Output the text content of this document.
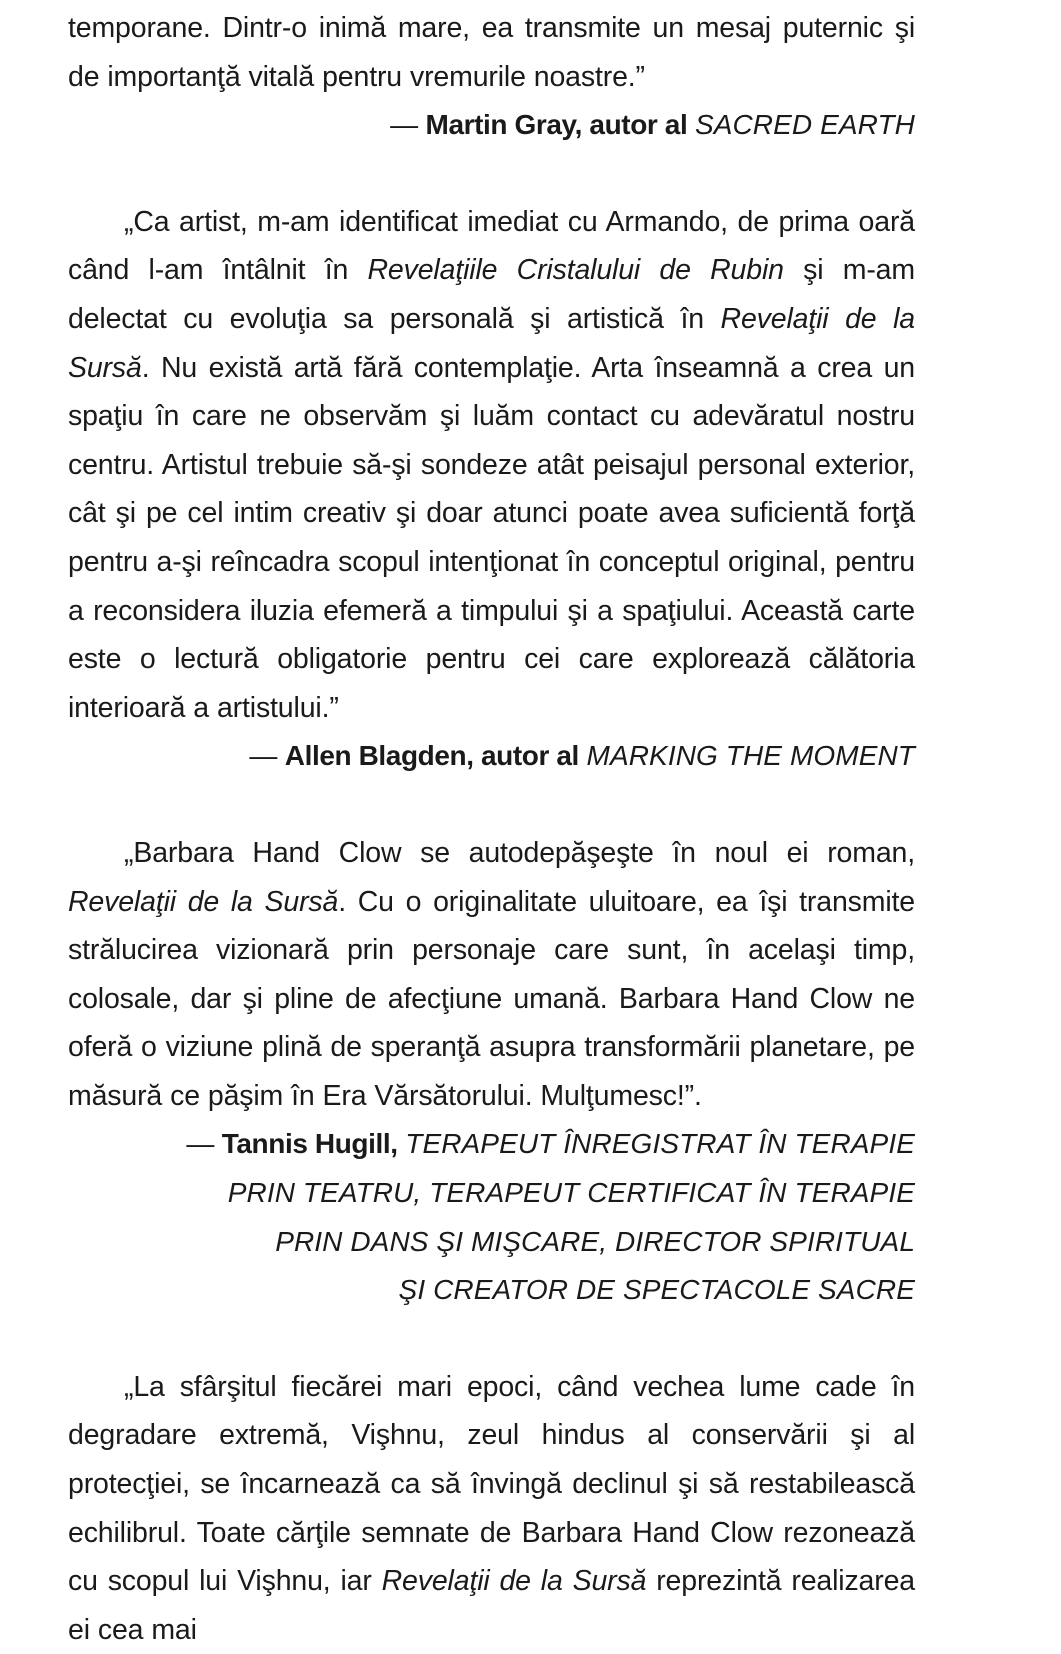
temporane. Dintr-o inimă mare, ea transmite un mesaj puternic şi de importanţă vitală pentru vremurile noastre.”

— Martin Gray, autor al SACRED EARTH

„Ca artist, m-am identificat imediat cu Armando, de prima oară când l-am întâlnit în Revelaţiile Cristalului de Rubin şi m-am delectat cu evoluţia sa personală şi artistică în Revelaţii de la Sursă. Nu există artă fără contemplaţie. Arta înseamnă a crea un spaţiu în care ne observăm şi luăm contact cu adevăratul nostru centru. Artistul trebuie să-şi sondeze atât peisajul personal exterior, cât şi pe cel intim creativ şi doar atunci poate avea suficientă forţă pentru a-şi reîncadra scopul intenţionat în conceptul original, pentru a reconsidera iluzia efemeră a timpului şi a spaţiului. Această carte este o lectură obligatorie pentru cei care explorează călătoria interioară a artistului.”

— Allen Blagden, autor al MARKING THE MOMENT

„Barbara Hand Clow se autodepăşeşte în noul ei roman, Revelaţii de la Sursă. Cu o originalitate uluitoare, ea îşi transmite strălucirea vizionară prin personaje care sunt, în acelaşi timp, colosale, dar şi pline de afecţiune umană. Barbara Hand Clow ne oferă o viziune plină de speranţă asupra transformării planetare, pe măsură ce păşim în Era Vărsătorului. Mulţumesc!”.

— Tannis Hugill, TERAPEUT ÎNREGISTRAT ÎN TERAPIE

PRIN TEATRU, TERAPEUT CERTIFICAT ÎN TERAPIE

PRIN DANS ŞI MIŞCARE, DIRECTOR SPIRITUAL

ŞI CREATOR DE SPECTACOLE SACRE

„La sfârşitul fiecărei mari epoci, când vechea lume cade în degradare extremă, Vişhnu, zeul hindus al conservării şi al protecţiei, se încarnează ca să învingă declinul şi să restabilească echilibrul. Toate cărţile semnate de Barbara Hand Clow rezonează cu scopul lui Vişhnu, iar Revelaţii de la Sursă reprezintă realizarea ei cea mai
